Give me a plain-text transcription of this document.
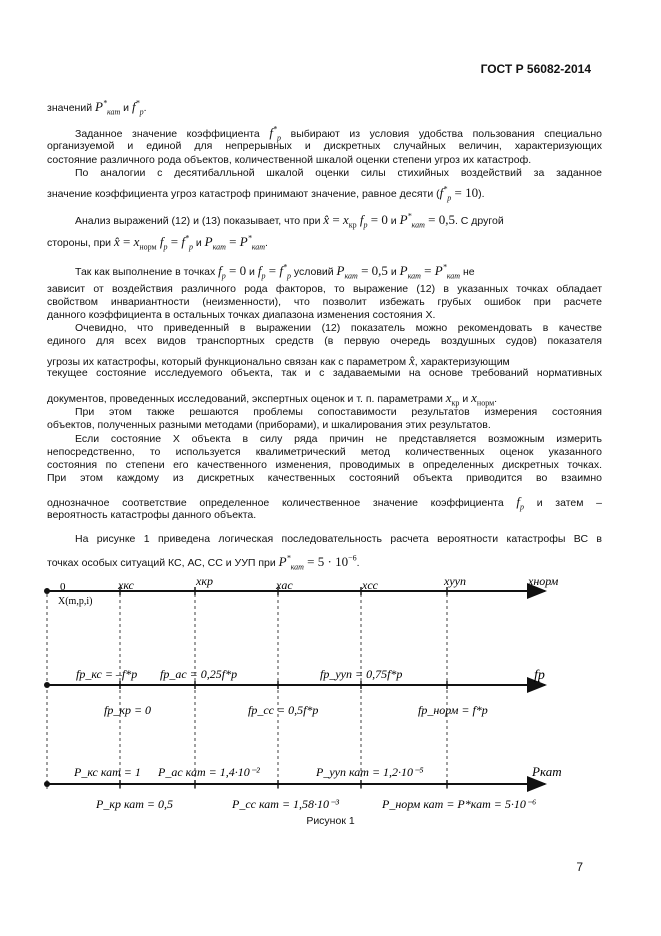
ГОСТ Р 56082-2014
значений $P^*_{кат}$ и $f^*_р$.
Заданное значение коэффициента $f^*_р$ выбирают из условия удобства пользования специально
организуемой и единой для непрерывных и дискретных случайных величин, характеризующих
состояние различного рода объектов, количественной шкалой оценки степени угроз их катастроф.
По аналогии с десятибалльной шкалой оценки силы стихийных воздействий за заданное
значение коэффициента угроз катастроф принимают значение, равное десяти $(f^*_р = 10)$.
Анализ выражений (12) и (13) показывает, что при x̂ = $x_{кр}$ $f_р = 0$ и $P^*_{кат} = 0,5$. С другой
стороны, при x̂ = $x_{норм}$ $f_р = f^*_р$ и $P_{кат} = P^*_{кат}$.
Так как выполнение в точках $f_р = 0$ и $f_р = f^*_р$ условий $P_{кат} = 0,5$ и $P_{кат} = P^*_{кат}$ не
зависит от воздействия различного рода факторов, то выражение (12) в указанных точках обладает
свойством инвариантности (неизменности), что позволит избежать грубых ошибок при расчете
данного коэффициента в остальных точках диапазона изменения состояния X.
Очевидно, что приведенный в выражении (12) показатель можно рекомендовать в качестве
единого для всех видов транспортных средств (в первую очередь воздушных судов) показателя
угрозы их катастрофы, который функционально связан как с параметром x̂, характеризующим
текущее состояние исследуемого объекта, так и с задаваемыми на основе требований нормативных
документов, проведенных исследований, экспертных оценок и т. п. параметрами $x_{кр}$ и $x_{норм}$.
При этом также решаются проблемы сопоставимости результатов измерения состояния
объектов, полученных разными методами (приборами), и шкалирования этих результатов.
Если состояние X объекта в силу ряда причин не представляется возможным измерить
непосредственно, то используется квалиметрический метод количественных оценок указанного
состояния по степени его качественного изменения, проводимых в определенных дискретных точках.
При этом каждому из дискретных качественных состояний объекта приводится во взаимно
однозначное соответствие определенное количественное значение коэффициента $f_р$ и затем –
вероятность катастрофы данного объекта.
На рисунке 1 приведена логическая последовательность расчета вероятности катастрофы ВС в
точках особых ситуаций КС, АС, СС и УУП при $P^*_{кат} = 5 \cdot 10^{-6}$.
0
X(m,p,i)
xкс	xкр	xас	xсс	xууп	xнорм
fp
fp_кс = –f*p fp_ас = 0,25f*p	fp_ууп = 0,75f*p
fp_кр = 0	fp_сс = 0,5f*p	fp_норм = f*p
Pкат
P_кс кат = 1 P_ас кат = 1,4·10⁻²	P_ууп кат = 1,2·10⁻⁵
P_кр кат = 0,5	P_сс кат = 1,58·10⁻³	P_норм кат = P*кат = 5·10⁻⁶
Рисунок 1
7
